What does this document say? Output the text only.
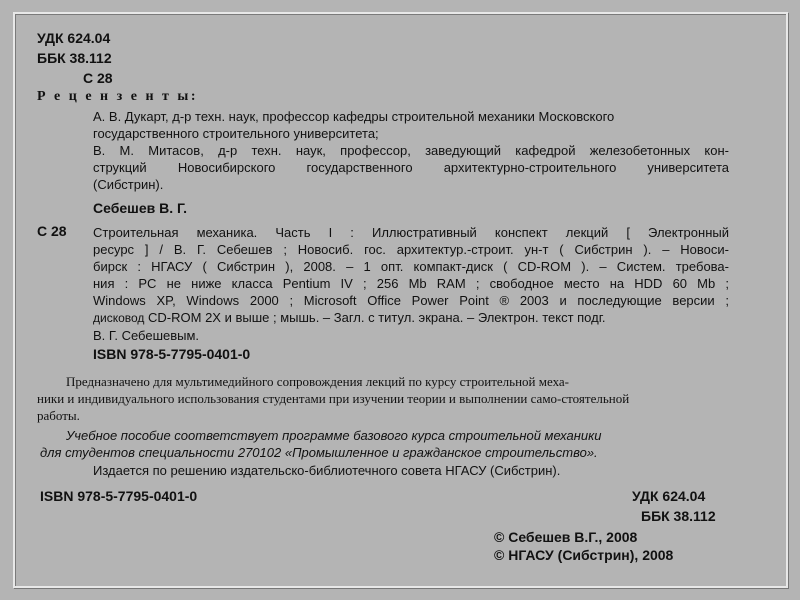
УДК 624.04
ББК 38.112
С 28
Р е ц е н з е н т ы:
А. В. Дукарт, д-р техн. наук, профессор кафедры строительной механики Московского
государственного строительного университета;
В. М. Митасов, д-р техн. наук, профессор, заведующий кафедрой железобетонных кон-
струкций Новосибирского государственного архитектурно-строительного университета
(Сибстрин).
Себешев В. Г.
С 28 Строительная механика. Часть I : Иллюстративный конспект лекций [ Электронный
ресурс ] / В. Г. Себешев ; Новосиб. гос. архитектур.-строит. ун-т ( Сибстрин ). – Новоси-
бирск : НГАСУ ( Сибстрин ), 2008. – 1 опт. компакт-диск ( CD-ROM ). – Систем. требова-
ния : PC не ниже класса Pentium IV ; 256 Mb RAM ; свободное место на HDD 60 Mb ;
Windows XP, Windows 2000 ; Microsoft Office Power Point ® 2003 и последующие версии ;
дисковод CD-ROM 2X и выше ; мышь. – Загл. с титул. экрана. – Электрон. текст подг.
В. Г. Себешевым.
ISBN 978-5-7795-0401-0
Предназначено для мультимедийного сопровождения лекций по курсу строительной меха-
ники и индивидуального использования студентами при изучении теории и выполнении само-стоятельной
работы.
Учебное пособие соответствует программе базового курса строительной механики
для студентов специальности 270102 «Промышленное и гражданское строительство».
Издается по решению издательско-библиотечного совета НГАСУ (Сибстрин).
ISBN 978-5-7795-0401-0	УДК 624.04
ББК 38.112
© Себешев В.Г., 2008
© НГАСУ (Сибстрин), 2008
